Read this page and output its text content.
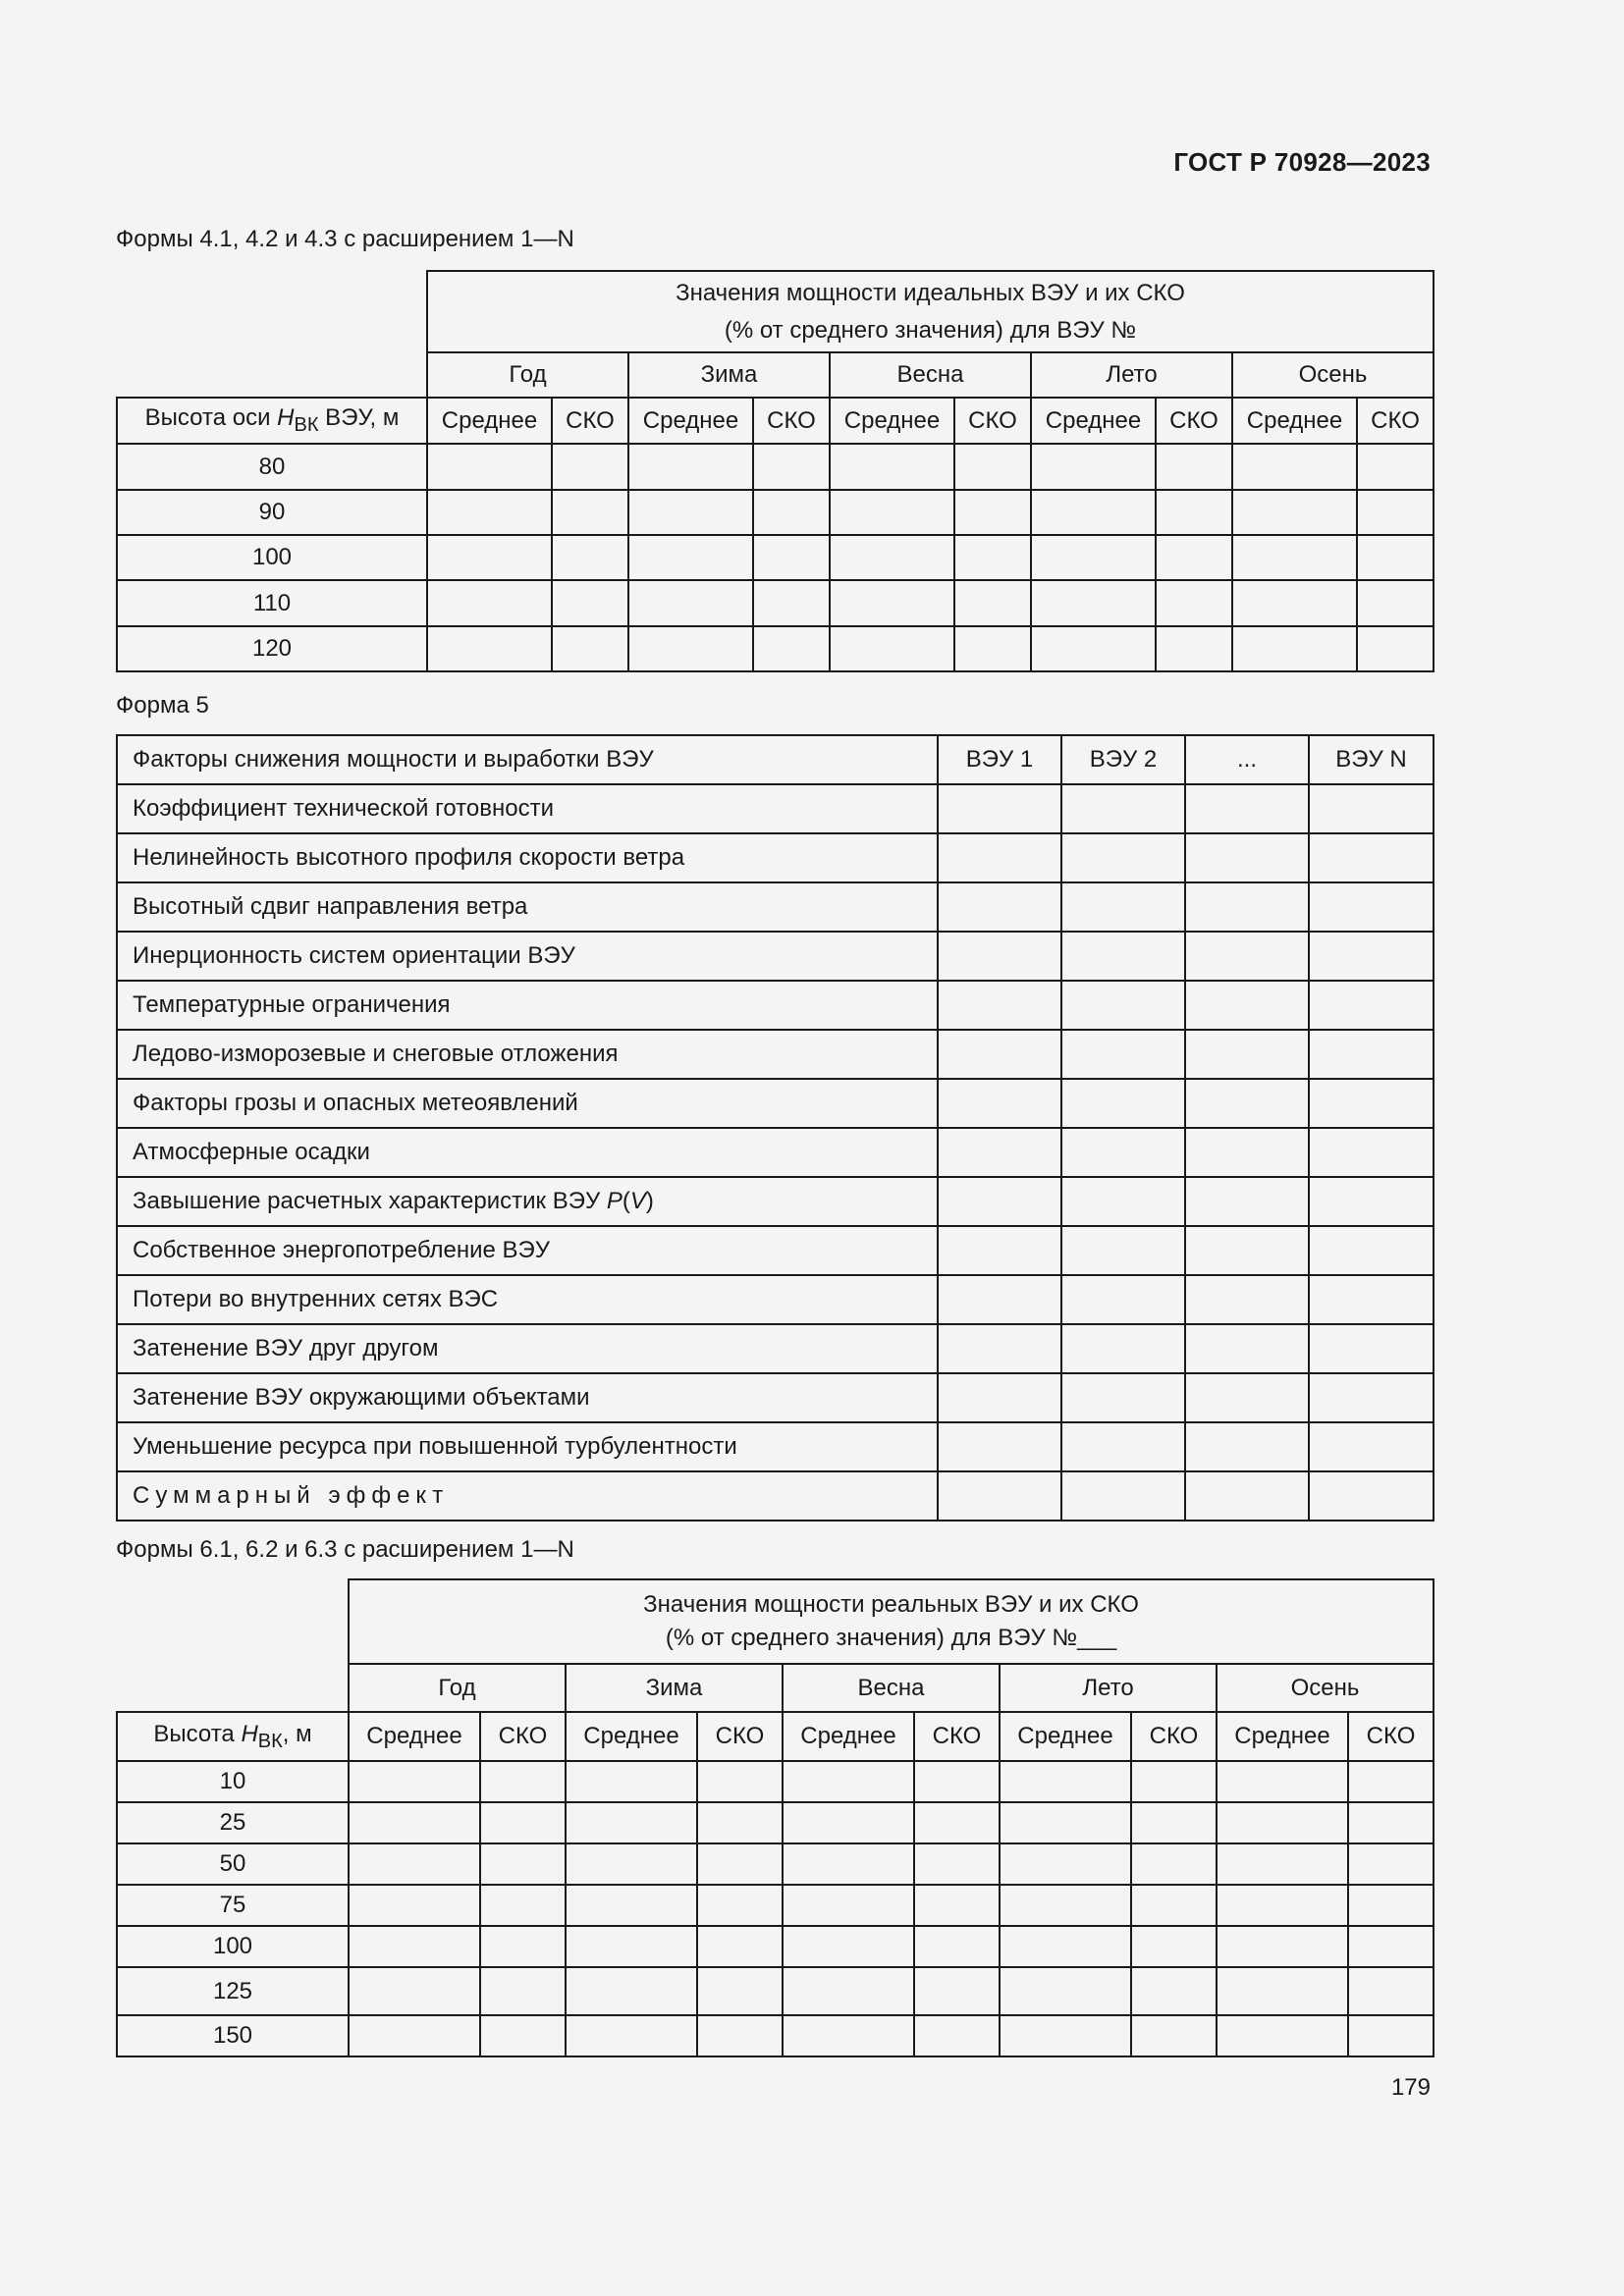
ГОСТ Р 70928—2023
Формы 4.1, 4.2 и 4.3 с расширением 1—N

	Значения мощности идеальных ВЭУ и их СКО
(% от среднего значения) для ВЭУ №									

	Год		Зима		Весна		Лето		Осень	
Высота оси $H_{ВК}$ ВЭУ, м	Среднее	СКО	Среднее	СКО	Среднее	СКО	Среднее	СКО	Среднее	СКО
80										
90										
100										
110										
120										
Форма 5
Факторы снижения мощности и выработки ВЭУ	ВЭУ 1	ВЭУ 2	...	ВЭУ N
Коэффициент технической готовности				
Нелинейность высотного профиля скорости ветра				
Высотный сдвиг направления ветра				
Инерционность систем ориентации ВЭУ				
Температурные ограничения				
Ледово-изморозевые и снеговые отложения				
Факторы грозы и опасных метеоявлений				
Атмосферные осадки				
Завышение расчетных характеристик ВЭУ P(V)				
Собственное энергопотребление ВЭУ				
Потери во внутренних сетях ВЭС				
Затенение ВЭУ друг другом				
Затенение ВЭУ окружающими объектами				
Уменьшение ресурса при повышенной турбулентности				
Суммарный эффект				
Формы 6.1, 6.2 и 6.3 с расширением 1—N

	Значения мощности реальных ВЭУ и их СКО
(% от среднего значения) для ВЭУ №___									

	Год		Зима		Весна		Лето		Осень	
Высота $H_{ВК}$, м	Среднее	СКО	Среднее	СКО	Среднее	СКО	Среднее	СКО	Среднее	СКО
10										
25										
50										
75										
100										
125										
150										
179
